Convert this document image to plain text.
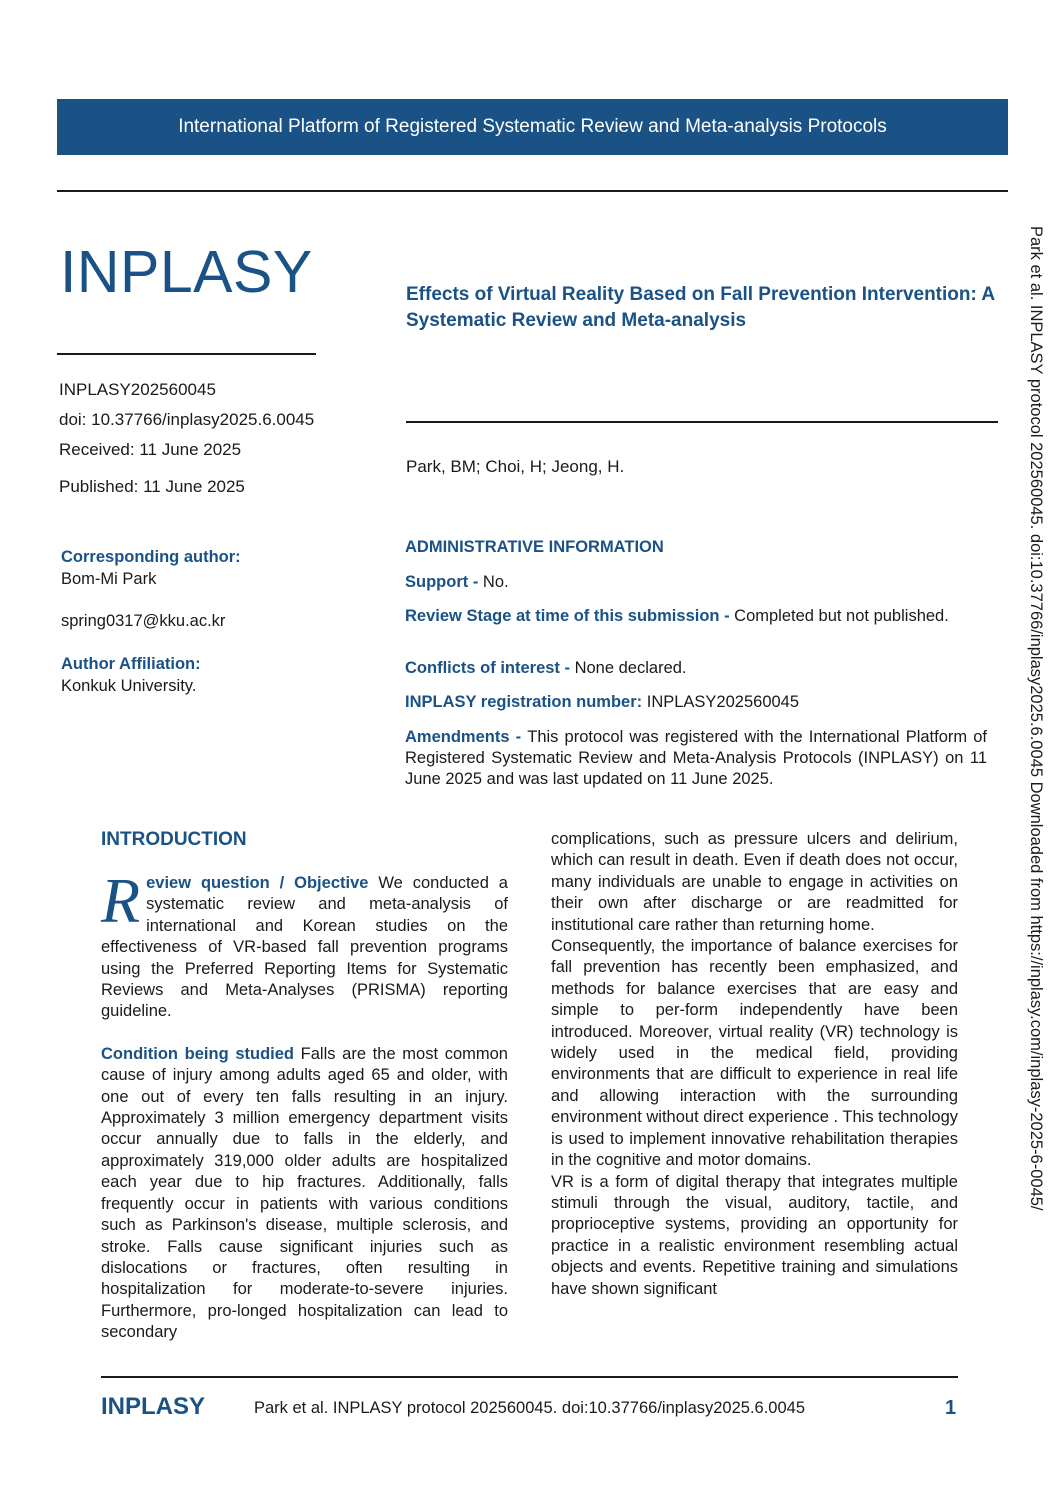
International Platform of Registered Systematic Review and Meta-analysis Protocols
INPLASY	Effects of Virtual Reality Based on Fall Prevention Intervention: A Systematic Review and Meta-analysis
INPLASY202560045
doi: 10.37766/inplasy2025.6.0045
Received: 11 June 2025
Published: 11 June 2025
Park, BM; Choi, H; Jeong, H.
Corresponding author:
Bom-Mi Park
spring0317@kku.ac.kr
Author Affiliation:
Konkuk University.
ADMINISTRATIVE INFORMATION
Support - No.
Review Stage at time of this submission - Completed but not published.
Conflicts of interest - None declared.
INPLASY registration number: INPLASY202560045
Amendments - This protocol was registered with the International Platform of Registered Systematic Review and Meta-Analysis Protocols (INPLASY) on 11 June 2025 and was last updated on 11 June 2025.
INTRODUCTION

Review question / Objective We conducted a systematic review and meta-analysis of international and Korean studies on the effectiveness of VR-based fall prevention programs using the Preferred Reporting Items for Systematic Reviews and Meta-Analyses (PRISMA) reporting guideline.

Condition being studied Falls are the most common cause of injury among adults aged 65 and older, with one out of every ten falls resulting in an injury. Approximately 3 million emergency department visits occur annually due to falls in the elderly, and approximately 319,000 older adults are hospitalized each year due to hip fractures. Additionally, falls frequently occur in patients with various conditions such as Parkinson's disease, multiple sclerosis, and stroke. Falls cause significant injuries such as dislocations or fractures, often resulting in hospitalization for moderate-to-severe injuries. Furthermore, pro-longed hospitalization can lead to secondary

complications, such as pressure ulcers and delirium, which can result in death. Even if death does not occur, many individuals are unable to engage in activities on their own after discharge or are readmitted for institutional care rather than returning home.

Consequently, the importance of balance exercises for fall prevention has recently been emphasized, and methods for balance exercises that are easy and simple to per-form independently have been introduced. Moreover, virtual reality (VR) technology is widely used in the medical field, providing environments that are difficult to experience in real life and allowing interaction with the surrounding environment without direct experience . This technology is used to implement innovative rehabilitation therapies in the cognitive and motor domains.

VR is a form of digital therapy that integrates multiple stimuli through the visual, auditory, tactile, and proprioceptive systems, providing an opportunity for practice in a realistic environment resembling actual objects and events. Repetitive training and simulations have shown significant

Park et al. INPLASY protocol 202560045. doi:10.37766/inplasy2025.6.0045 Downloaded from https://inplasy.com/inplasy-2025-6-0045/
INPLASY	Park et al. INPLASY protocol 202560045. doi:10.37766/inplasy2025.6.0045	1
